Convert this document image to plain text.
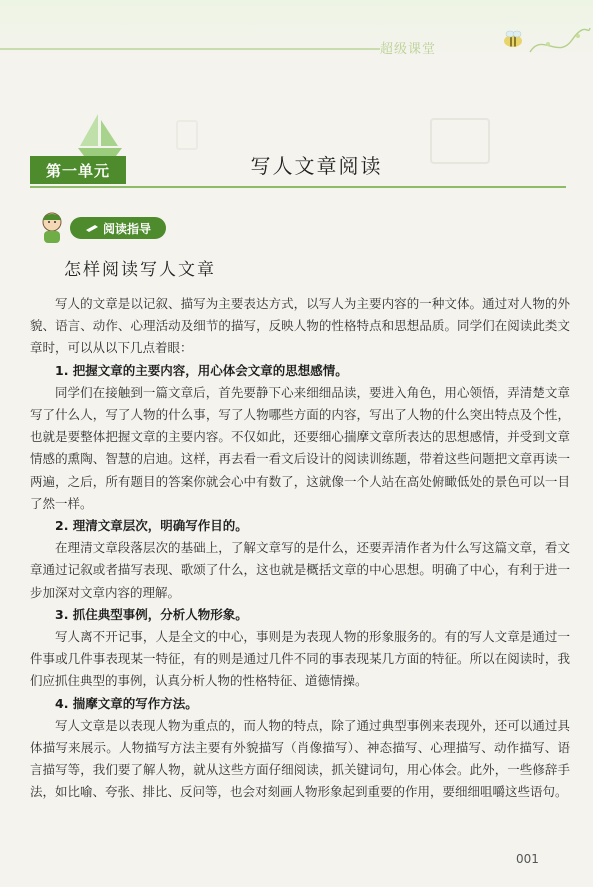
超级课堂
第一单元	写人文章阅读
阅读指导
怎样阅读写人文章

写人的文章是以记叙、描写为主要表达方式，以写人为主要内容的一种文体。通过对人物的外貌、语言、动作、心理活动及细节的描写，反映人物的性格特点和思想品质。同学们在阅读此类文章时，可以从以下几点着眼：

1. 把握文章的主要内容，用心体会文章的思想感情。

同学们在接触到一篇文章后，首先要静下心来细细品读，要进入角色，用心领悟，弄清楚文章写了什么人，写了人物的什么事，写了人物哪些方面的内容，写出了人物的什么突出特点及个性，也就是要整体把握文章的主要内容。不仅如此，还要细心揣摩文章所表达的思想感情，并受到文章情感的熏陶、智慧的启迪。这样，再去看一看文后设计的阅读训练题，带着这些问题把文章再读一两遍，之后，所有题目的答案你就会心中有数了，这就像一个人站在高处俯瞰低处的景色可以一目了然一样。

2. 理清文章层次，明确写作目的。

在理清文章段落层次的基础上，了解文章写的是什么，还要弄清作者为什么写这篇文章，看文章通过记叙或者描写表现、歌颂了什么，这也就是概括文章的中心思想。明确了中心，有利于进一步加深对文章内容的理解。

3. 抓住典型事例，分析人物形象。

写人离不开记事，人是全文的中心，事则是为表现人物的形象服务的。有的写人文章是通过一件事或几件事表现某一特征，有的则是通过几件不同的事表现某几方面的特征。所以在阅读时，我们应抓住典型的事例，认真分析人物的性格特征、道德情操。

4. 揣摩文章的写作方法。

写人文章是以表现人物为重点的，而人物的特点，除了通过典型事例来表现外，还可以通过具体描写来展示。人物描写方法主要有外貌描写（肖像描写）、神态描写、心理描写、动作描写、语言描写等，我们要了解人物，就从这些方面仔细阅读，抓关键词句，用心体会。此外，一些修辞手法，如比喻、夸张、排比、反问等，也会对刻画人物形象起到重要的作用，要细细咀嚼这些语句。

001
